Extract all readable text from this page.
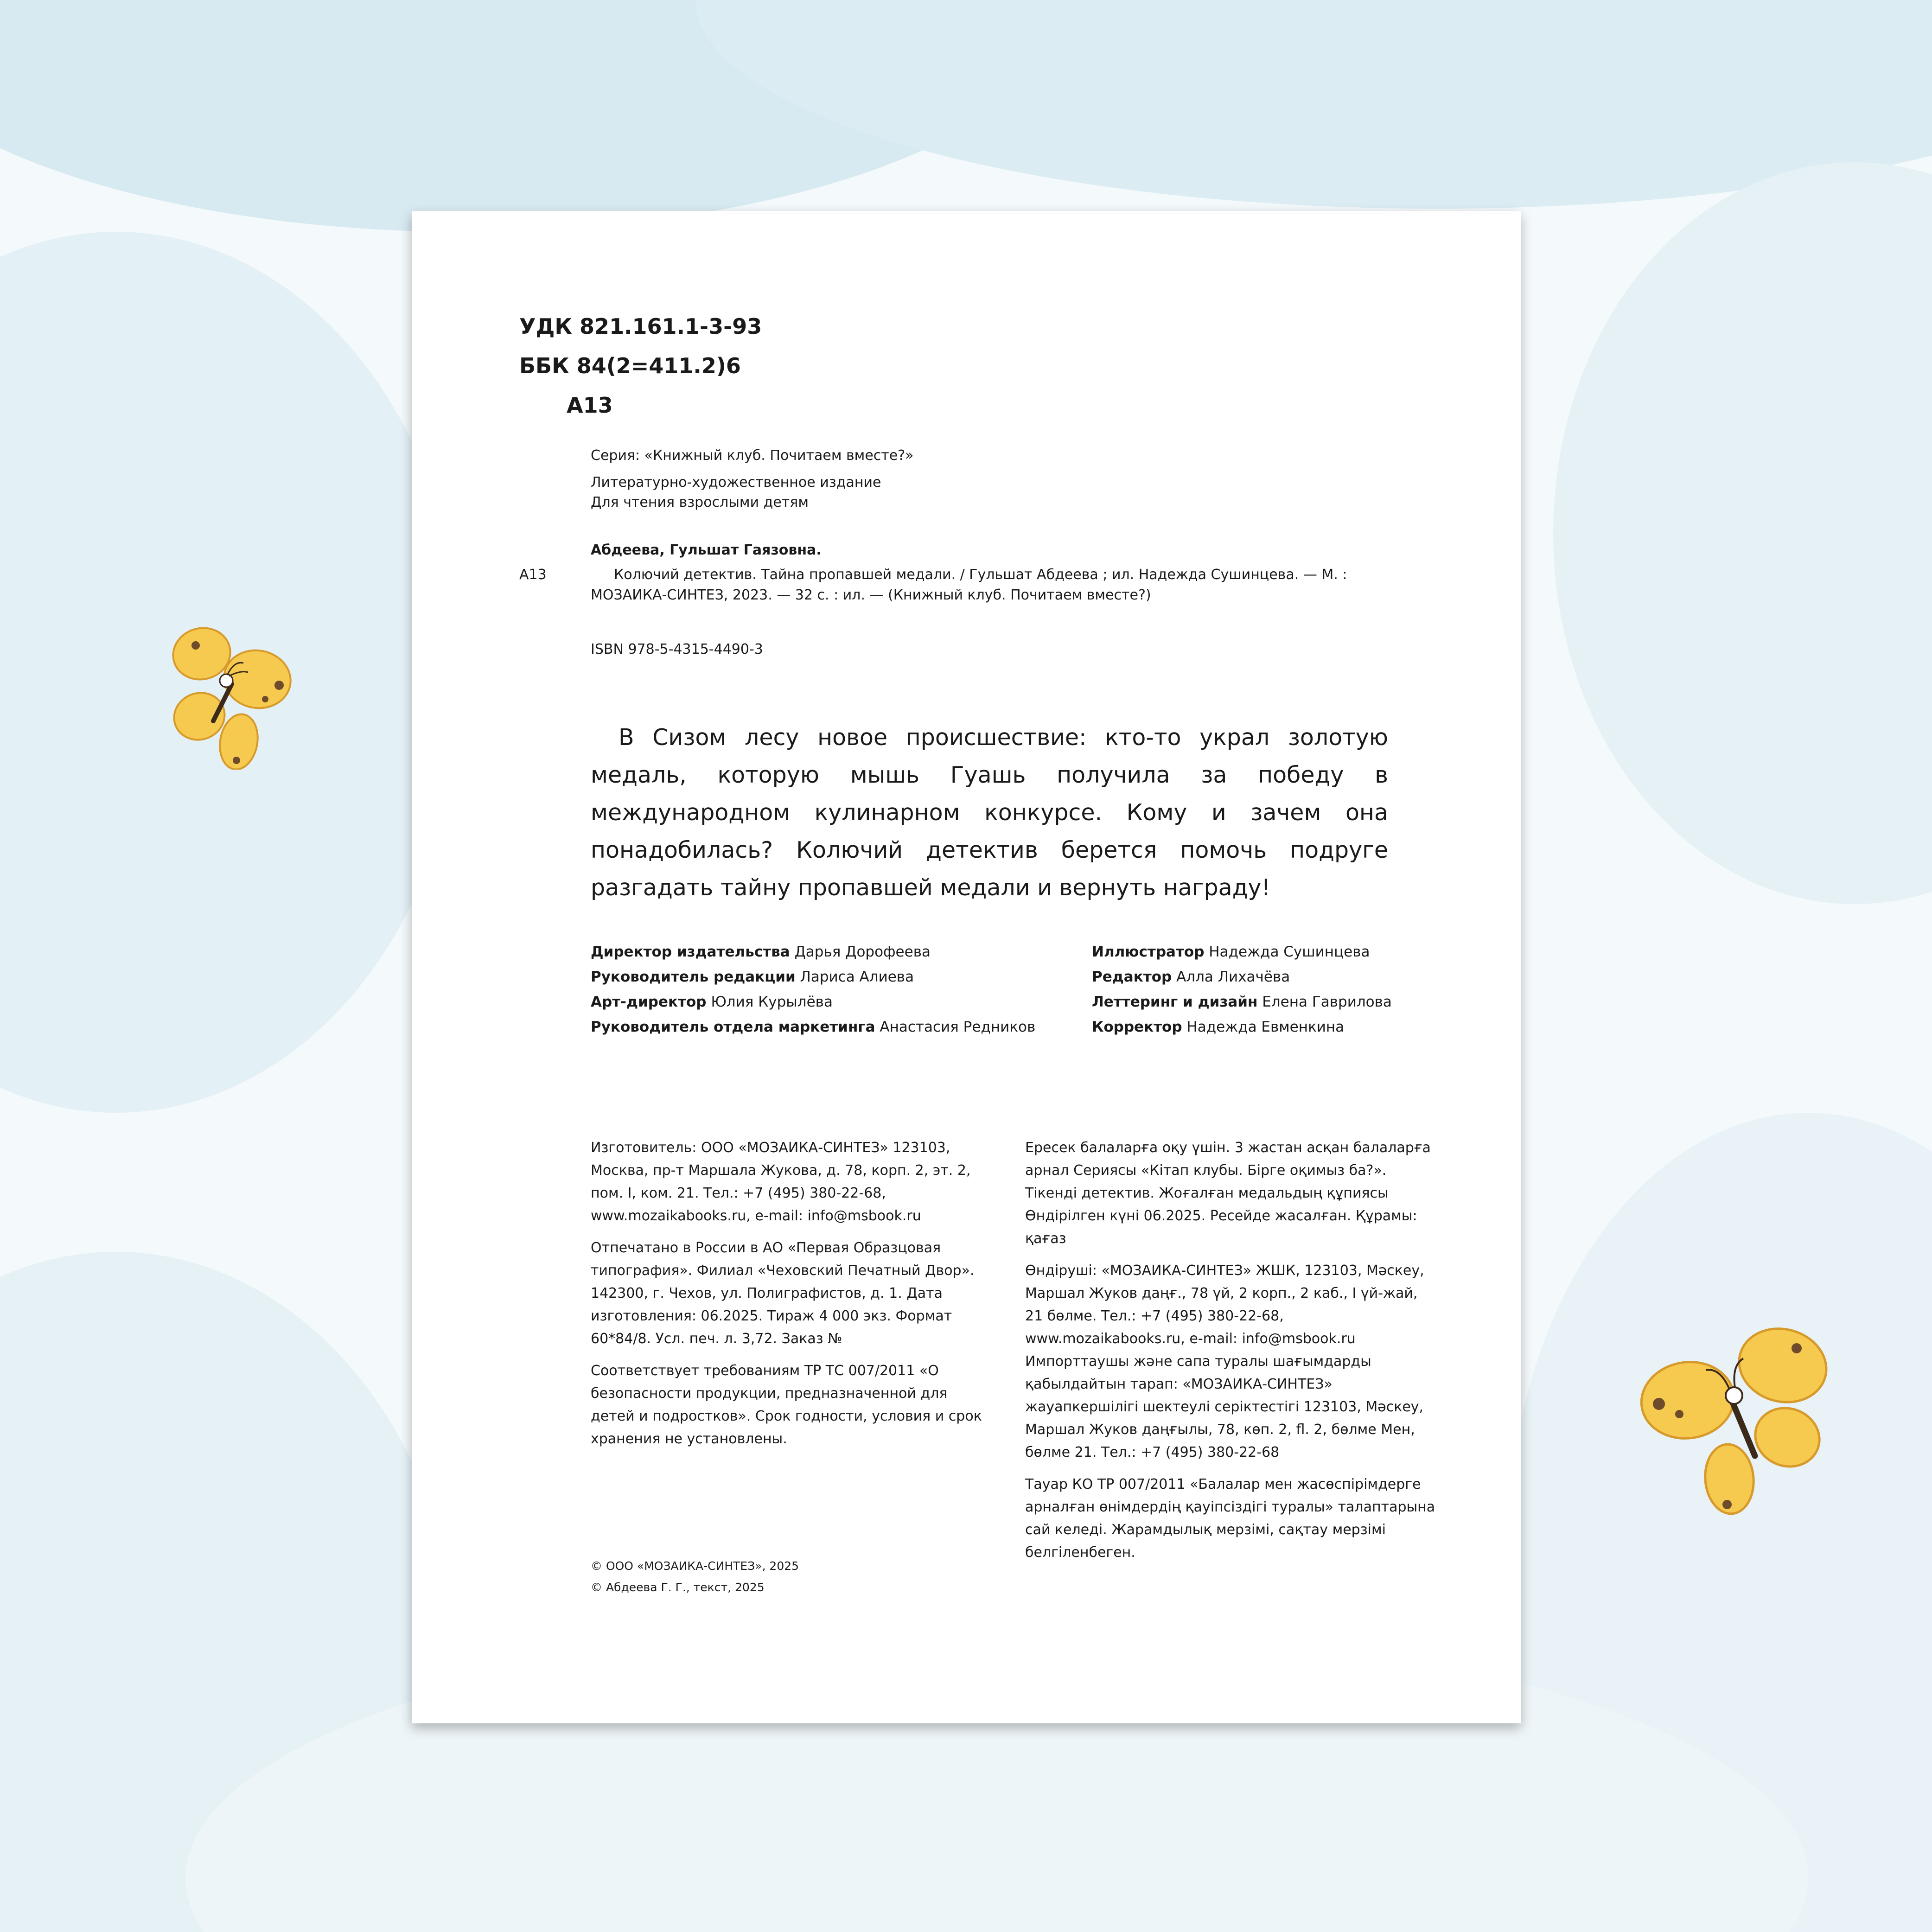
УДК 821.161.1-3-93

ББК 84(2=411.2)6

А13

Серия: «Книжный клуб. Почитаем вместе?»
Литературно-художественное издание
Для чтения взрослыми детям

Абдеева, Гульшат Гаязовна.

А13	Колючий детектив. Тайна пропавшей медали. / Гульшат Абдеева ; ил. Надежда Сушинцева. — М. : МОЗАИКА-СИНТЕЗ, 2023. — 32 с. : ил. — (Книжный клуб. Почитаем вместе?)

ISBN 978-5-4315-4490-3

В Сизом лесу новое происшествие: кто-то украл золотую медаль, которую мышь Гуашь получила за победу в международном кулинарном конкурсе. Кому и зачем она понадобилась? Колючий детектив берется помочь подруге разгадать тайну пропавшей медали и вернуть награду!
Директор издательства Дарья Дорофеева
Руководитель редакции Лариса Алиева
Арт-директор Юлия Курылёва
Руководитель отдела маркетинга Анастасия Редников
Иллюстратор Надежда Сушинцева
Редактор Алла Лихачёва
Леттеринг и дизайн Елена Гаврилова
Корректор Надежда Евменкина

Изготовитель: ООО «МОЗАИКА-СИНТЕЗ» 123103, Москва, пр-т Маршала Жукова, д. 78, корп. 2, эт. 2, пом. I, ком. 21. Тел.: +7 (495) 380-22-68, www.mozaikabooks.ru, e-mail: info@msbook.ru

Отпечатано в России в АО «Первая Образцовая типография». Филиал «Чеховский Печатный Двор». 142300, г. Чехов, ул. Полиграфистов, д. 1. Дата изготовления: 06.2025. Тираж 4 000 экз. Формат 60*84/8. Усл. печ. л. 3,72. Заказ №

Соответствует требованиям ТР ТС 007/2011 «О безопасности продукции, предназначенной для детей и подростков». Срок годности, условия и срок хранения не установлены.

© ООО «МОЗАИКА-СИНТЕЗ», 2025
© Абдеева Г. Г., текст, 2025

Ересек балаларға оқу үшін. 3 жастан асқан балаларға арнал Сериясы «Кітап клубы. Бірге оқимыз ба?». Тікенді детектив. Жоғалған медальдың құпиясы Өндірілген күні 06.2025. Ресейде жасалған. Құрамы: қағаз

Өндіруші: «МОЗАИКА-СИНТЕЗ» ЖШК, 123103, Мәскеу, Маршал Жуков даңғ., 78 үй, 2 корп., 2 каб., I үй-жай, 21 бөлме. Тел.: +7 (495) 380-22-68, www.mozaikabooks.ru, e-mail: info@msbook.ru Импорттаушы және сапа туралы шағымдарды қабылдайтын тарап: «МОЗАИКА-СИНТЕЗ» жауапкершілігі шектеулі серіктестігі 123103, Мәскеу, Маршал Жуков даңғылы, 78, көп. 2, fl. 2, бөлме Мен, бөлме 21. Тел.: +7 (495) 380-22-68

Тауар КО ТР 007/2011 «Балалар мен жасөспірімдерге арналған өнімдердің қауіпсіздігі туралы» талаптарына сай келеді. Жарамдылық мерзімі, сақтау мерзімі белгіленбеген.
